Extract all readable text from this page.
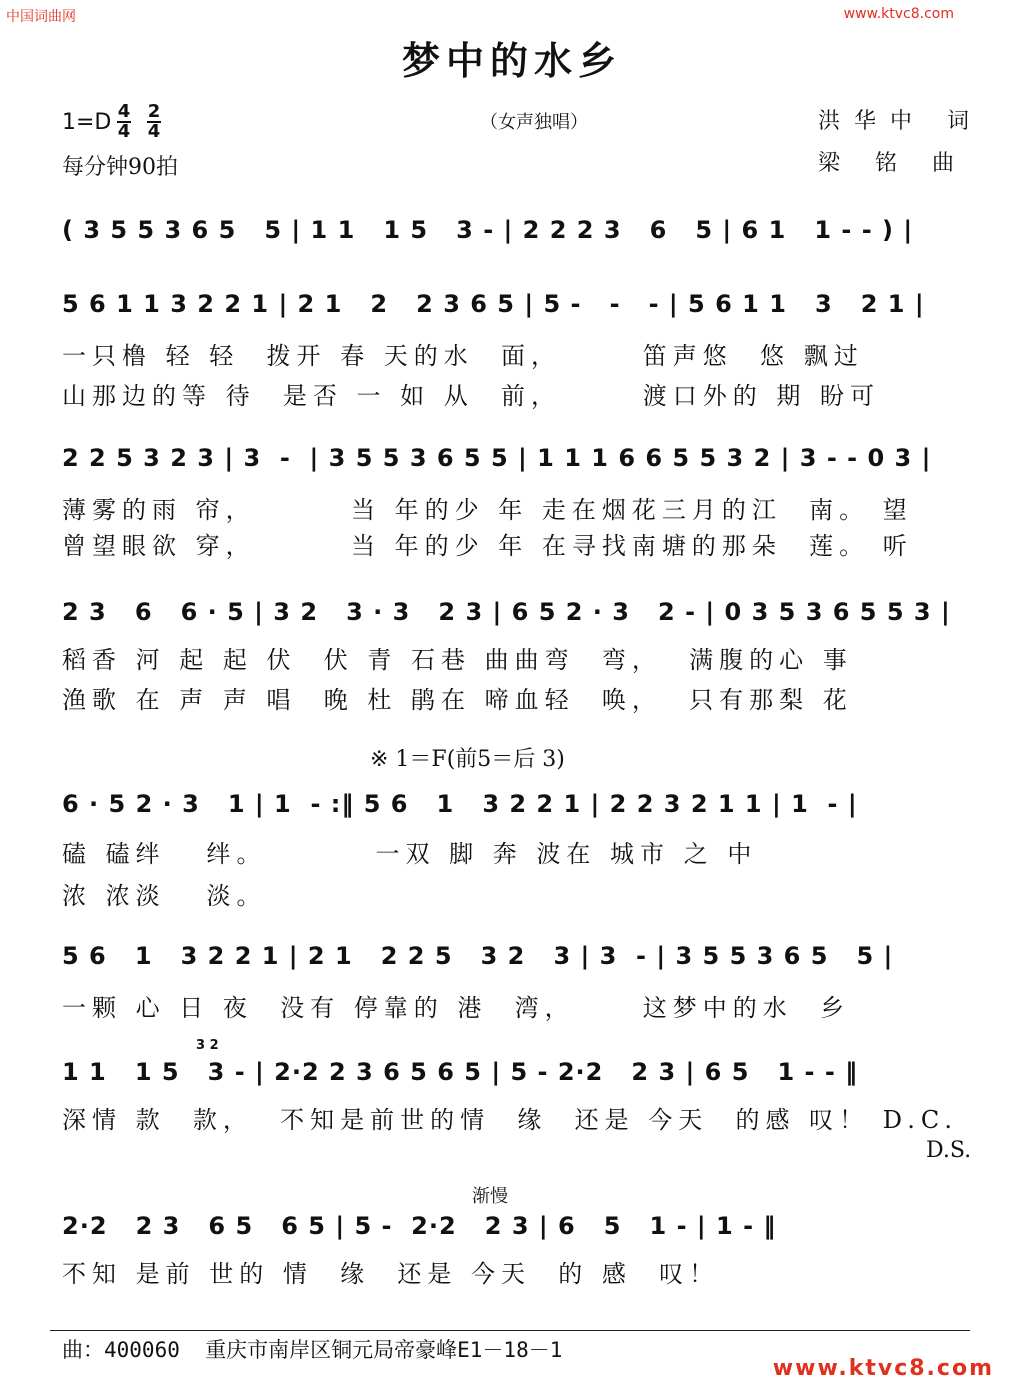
中国词曲网	www.ktvc8.com
梦中的水乡
$1=D \frac{4}{4} \frac{2}{4}$
每分钟90拍
（女声独唱）	洪华中 词
梁 铭 曲
( 3 5 5 3 6 5   5 | 1 1   1 5   3 - | 2 2 2 3   6   5 | 6 1   1 - - ) |
5 6 1 1 3 2 2 1 | 2 1   2   2 3 6 5 | 5 -   -   - | 5 6 1 1   3   2 1 |
一只橹 轻 轻  拨开 春 天的水  面，      笛声悠  悠 飘过
山那边的等 待  是否 一 如 从  前，      渡口外的 期 盼可
2 2 5 3 2 3 | 3  -  | 3 5 5 3 6 5 5 | 1 1 1 6 6 5 5 3 2 | 3 - - 0 3 |
薄雾的雨 帘，       当 年的少 年 走在烟花三月的江  南。 望
曾望眼欲 穿，       当 年的少 年 在寻找南塘的那朵  莲。 听
2 3   6   6 · 5 | 3 2   3 · 3   2 3 | 6 5 2 · 3   2 - | 0 3 5 3 6 5 5 3 |
稻香 河 起 起 伏  伏 青 石巷 曲曲弯  弯，  满腹的心 事
渔歌 在 声 声 唱  晚 杜 鹃在 啼血轻  唤，  只有那梨 花
※ 1＝F(前5＝后 3)
6 · 5 2 · 3   1 | 1  - :‖ 5 6   1   3 2 2 1 | 2 2 3 2 1 1 | 1  - |
磕 磕绊   绊。        一双 脚 奔 波在 城市 之 中
浓 浓淡   淡。
5 6   1   3 2 2 1 | 2 1   2 2 5   3 2   3 | 3  - | 3 5 5 3 6 5   5 |
一颗 心 日 夜  没有 停靠的 港  湾，     这梦中的水  乡
3 2
1 1   1 5   3 - | 2·2 2 3 6 5 6 5 | 5 - 2·2   2 3 | 6 5   1 - - ‖
深情 款  款，  不知是前世的情  缘  还是 今天  的感 叹！ D.C.
D.S.
渐慢
2·2   2 3   6 5   6 5 | 5 -  2·2   2 3 | 6   5   1 - | 1 - ‖
不知 是前 世的 情  缘  还是 今天  的 感  叹！
曲：400060  重庆市南岸区铜元局帝豪峰E1－18－1
www.ktvc8.com
